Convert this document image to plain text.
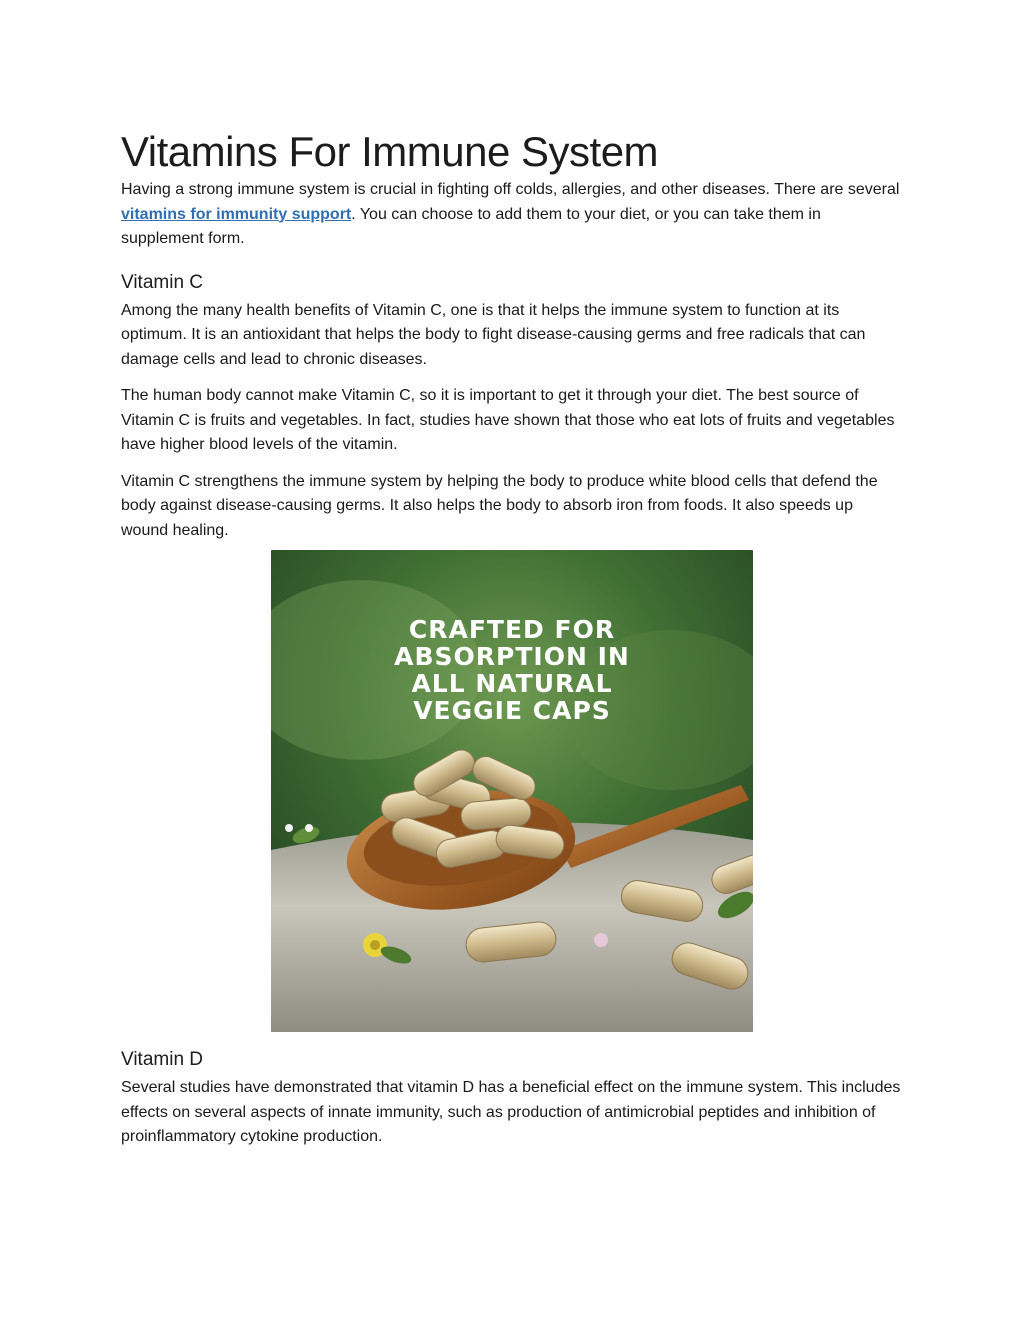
Vitamins For Immune System

Having a strong immune system is crucial in fighting off colds, allergies, and other diseases. There are several vitamins for immunity support. You can choose to add them to your diet, or you can take them in supplement form.

Vitamin C

Among the many health benefits of Vitamin C, one is that it helps the immune system to function at its optimum. It is an antioxidant that helps the body to fight disease-causing germs and free radicals that can damage cells and lead to chronic diseases.

The human body cannot make Vitamin C, so it is important to get it through your diet. The best source of Vitamin C is fruits and vegetables. In fact, studies have shown that those who eat lots of fruits and vegetables have higher blood levels of the vitamin.

Vitamin C strengthens the immune system by helping the body to produce white blood cells that defend the body against disease-causing germs. It also helps the body to absorb iron from foods. It also speeds up wound healing.

CRAFTED FOR
ABSORPTION IN
ALL NATURAL
VEGGIE CAPS
Vitamin D

Several studies have demonstrated that vitamin D has a beneficial effect on the immune system. This includes effects on several aspects of innate immunity, such as production of antimicrobial peptides and inhibition of proinflammatory cytokine production.
